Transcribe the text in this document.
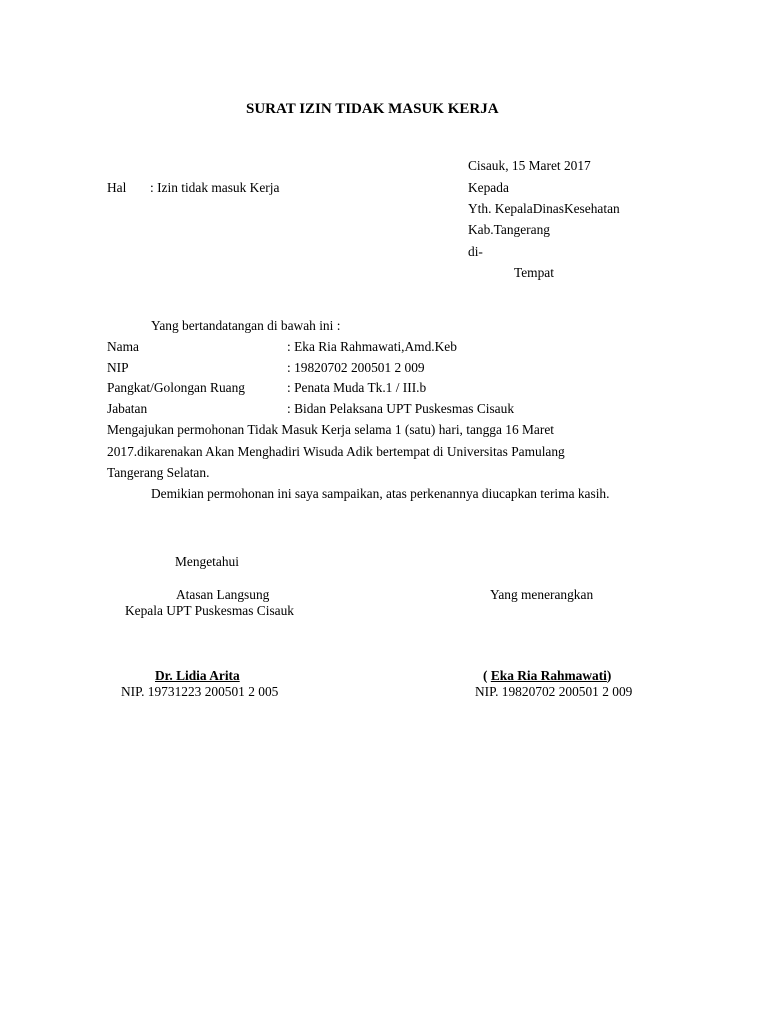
SURAT IZIN TIDAK MASUK KERJA
Cisauk, 15 Maret 2017
Hal : Izin tidak masuk Kerja	Kepada
Yth. KepalaDinasKesehatan
Kab.Tangerang
di-
Tempat
Yang bertandatangan di bawah ini :
Nama	: Eka Ria Rahmawati,Amd.Keb
NIP	: 19820702 200501 2 009
Pangkat/Golongan Ruang	: Penata Muda Tk.1 / III.b
Jabatan	: Bidan Pelaksana UPT Puskesmas Cisauk
Mengajukan permohonan Tidak Masuk Kerja selama 1 (satu) hari, tangga 16 Maret
2017.dikarenakan Akan Menghadiri Wisuda Adik bertempat di Universitas Pamulang
Tangerang Selatan.
Demikian permohonan ini saya sampaikan, atas perkenannya diucapkan terima kasih.
Mengetahui
Atasan Langsung
Kepala UPT Puskesmas Cisauk
Yang menerangkan
Dr. Lidia Arita
NIP. 19731223 200501 2 005
( Eka Ria Rahmawati)
NIP. 19820702 200501 2 009
